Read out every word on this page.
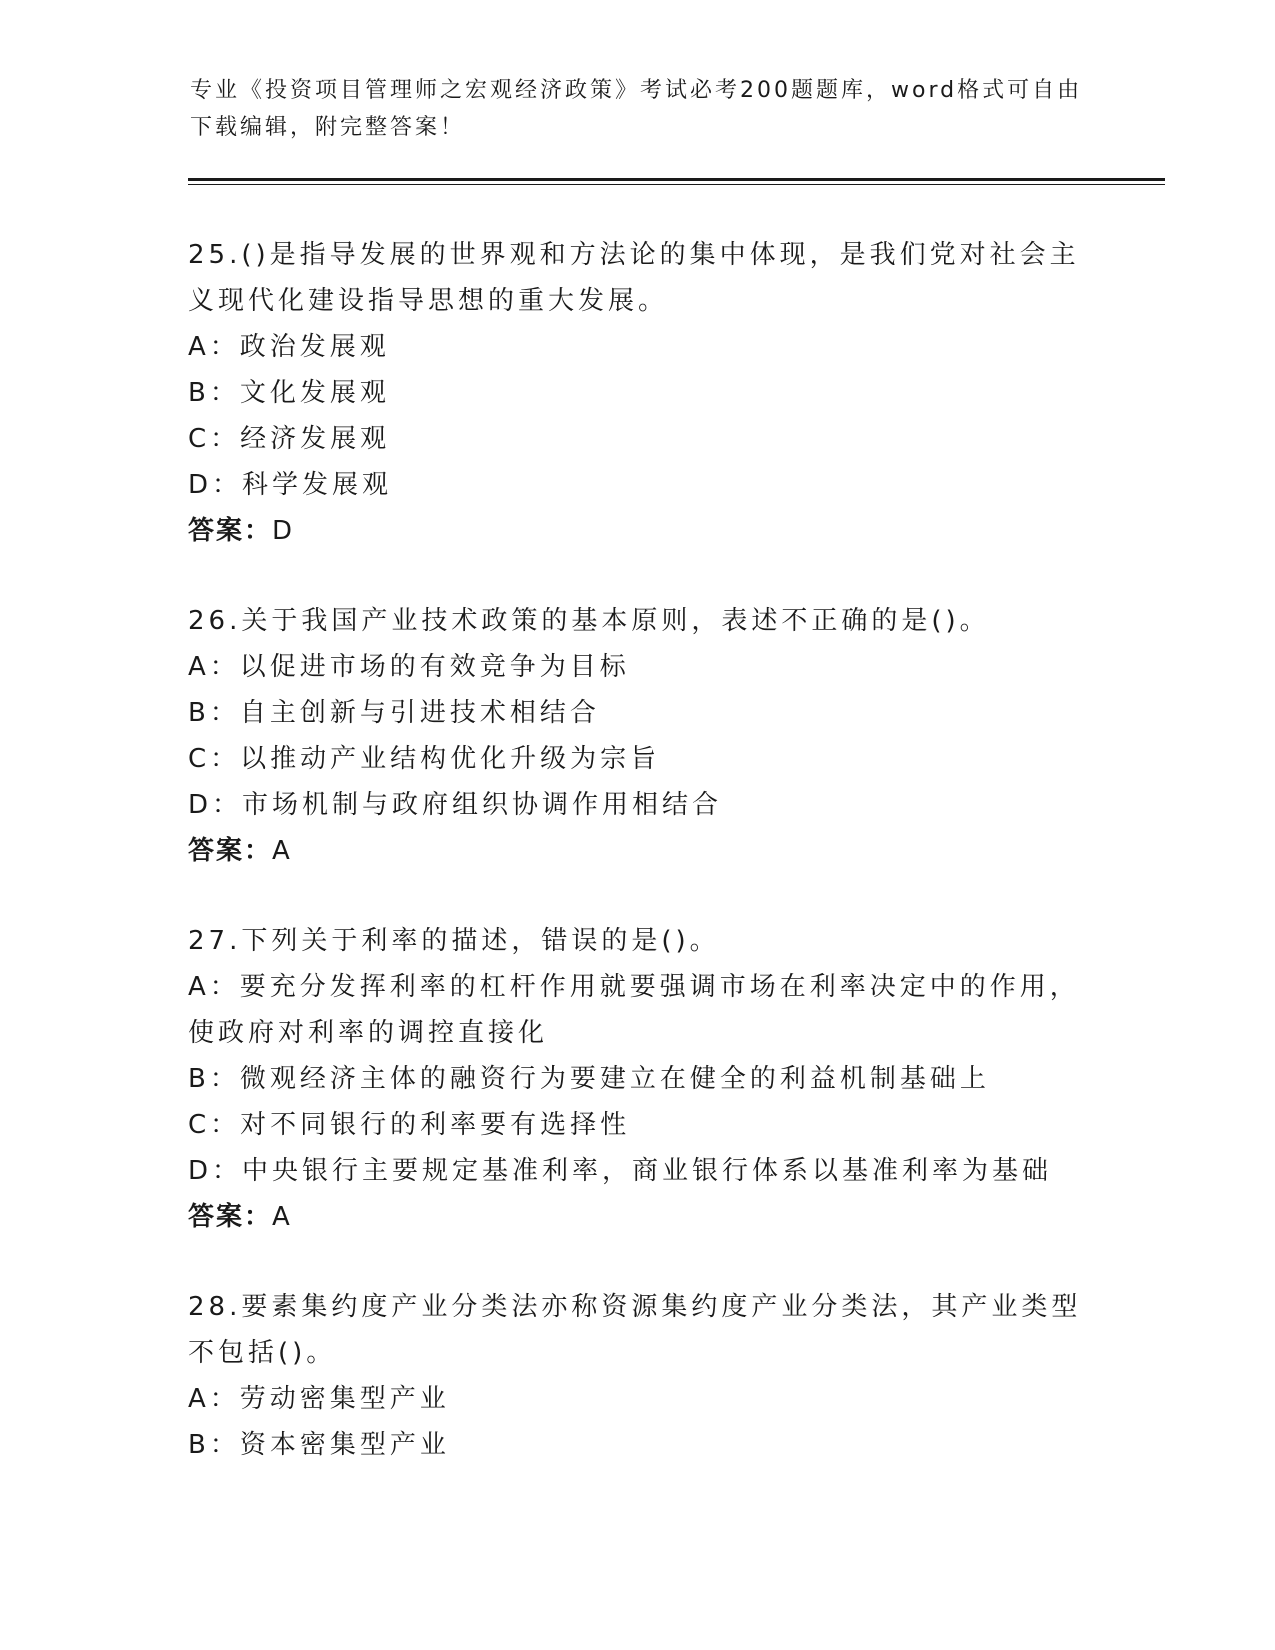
专业《投资项目管理师之宏观经济政策》考试必考200题题库，word格式可自由下载编辑，附完整答案！

25.()是指导发展的世界观和方法论的集中体现，是我们党对社会主义现代化建设指导思想的重大发展。

A：政治发展观

B：文化发展观

C：经济发展观

D：科学发展观

答案：D

26.关于我国产业技术政策的基本原则，表述不正确的是()。

A：以促进市场的有效竞争为目标

B：自主创新与引进技术相结合

C：以推动产业结构优化升级为宗旨

D：市场机制与政府组织协调作用相结合

答案：A

27.下列关于利率的描述，错误的是()。

A：要充分发挥利率的杠杆作用就要强调市场在利率决定中的作用，使政府对利率的调控直接化

B：微观经济主体的融资行为要建立在健全的利益机制基础上

C：对不同银行的利率要有选择性

D：中央银行主要规定基准利率，商业银行体系以基准利率为基础

答案：A

28.要素集约度产业分类法亦称资源集约度产业分类法，其产业类型不包括()。

A：劳动密集型产业

B：资本密集型产业
